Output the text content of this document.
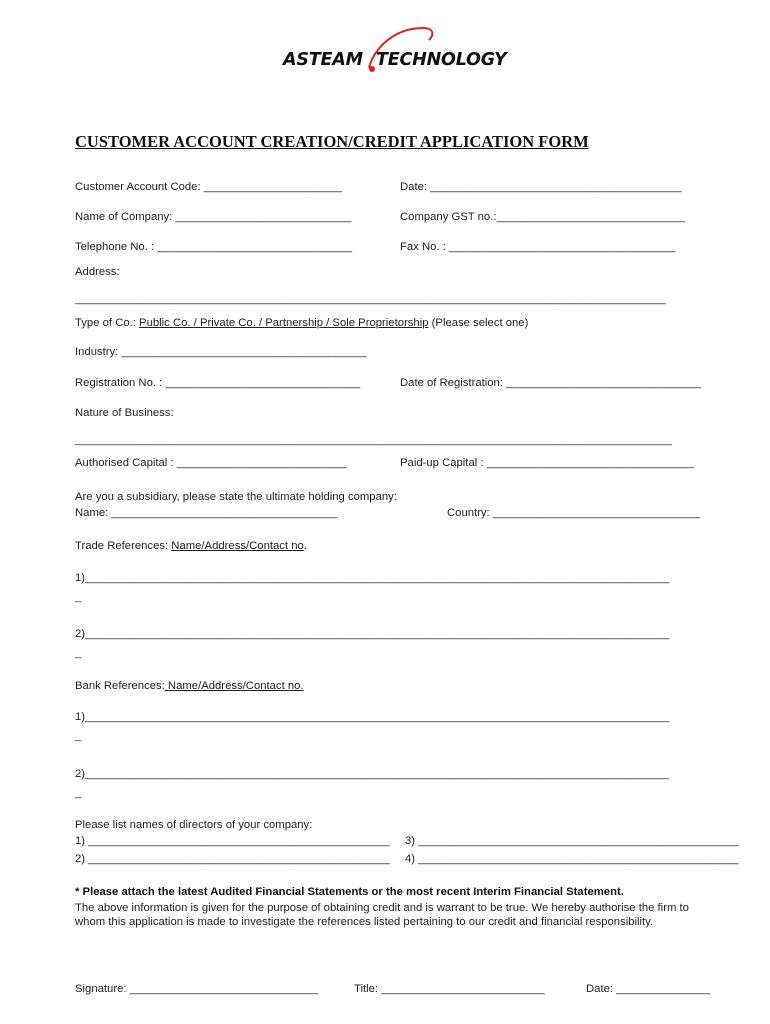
ASTEAM TECHNOLOGY
CUSTOMER ACCOUNT CREATION/CREDIT APPLICATION FORM
Customer Account Code: ______________________	Date: ________________________________________
Name of Company: ____________________________	Company GST no.:______________________________
Telephone No. : _______________________________	Fax No. : ____________________________________
Address:
______________________________________________________________________________________________
Type of Co.: Public Co. / Private Co. / Partnership / Sole Proprietorship (Please select one)
Industry: _______________________________________
Registration No. : _______________________________	Date of Registration: _______________________________
Nature of Business:
_______________________________________________________________________________________________
Authorised Capital : ___________________________	Paid-up Capital : _________________________________
Are you a subsidiary, please state the ultimate holding company:
Name: ____________________________________	Country: _________________________________
Trade References: Name/Address/Contact no.
1)_____________________________________________________________________________________________
_
2)_____________________________________________________________________________________________
_
Bank References: Name/Address/Contact no.
1)_____________________________________________________________________________________________
_
2)_____________________________________________________________________________________________
_
Please list names of directors of your company:
1) ________________________________________________ 3) ___________________________________________________
2) ________________________________________________ 4) ___________________________________________________
* Please attach the latest Audited Financial Statements or the most recent Interim Financial Statement.
The above information is given for the purpose of obtaining credit and is warrant to be true. We hereby authorise the firm to whom this application is made to investigate the references listed pertaining to our credit and financial responsibility.
Signature: ______________________________	Title: __________________________	Date: _______________
